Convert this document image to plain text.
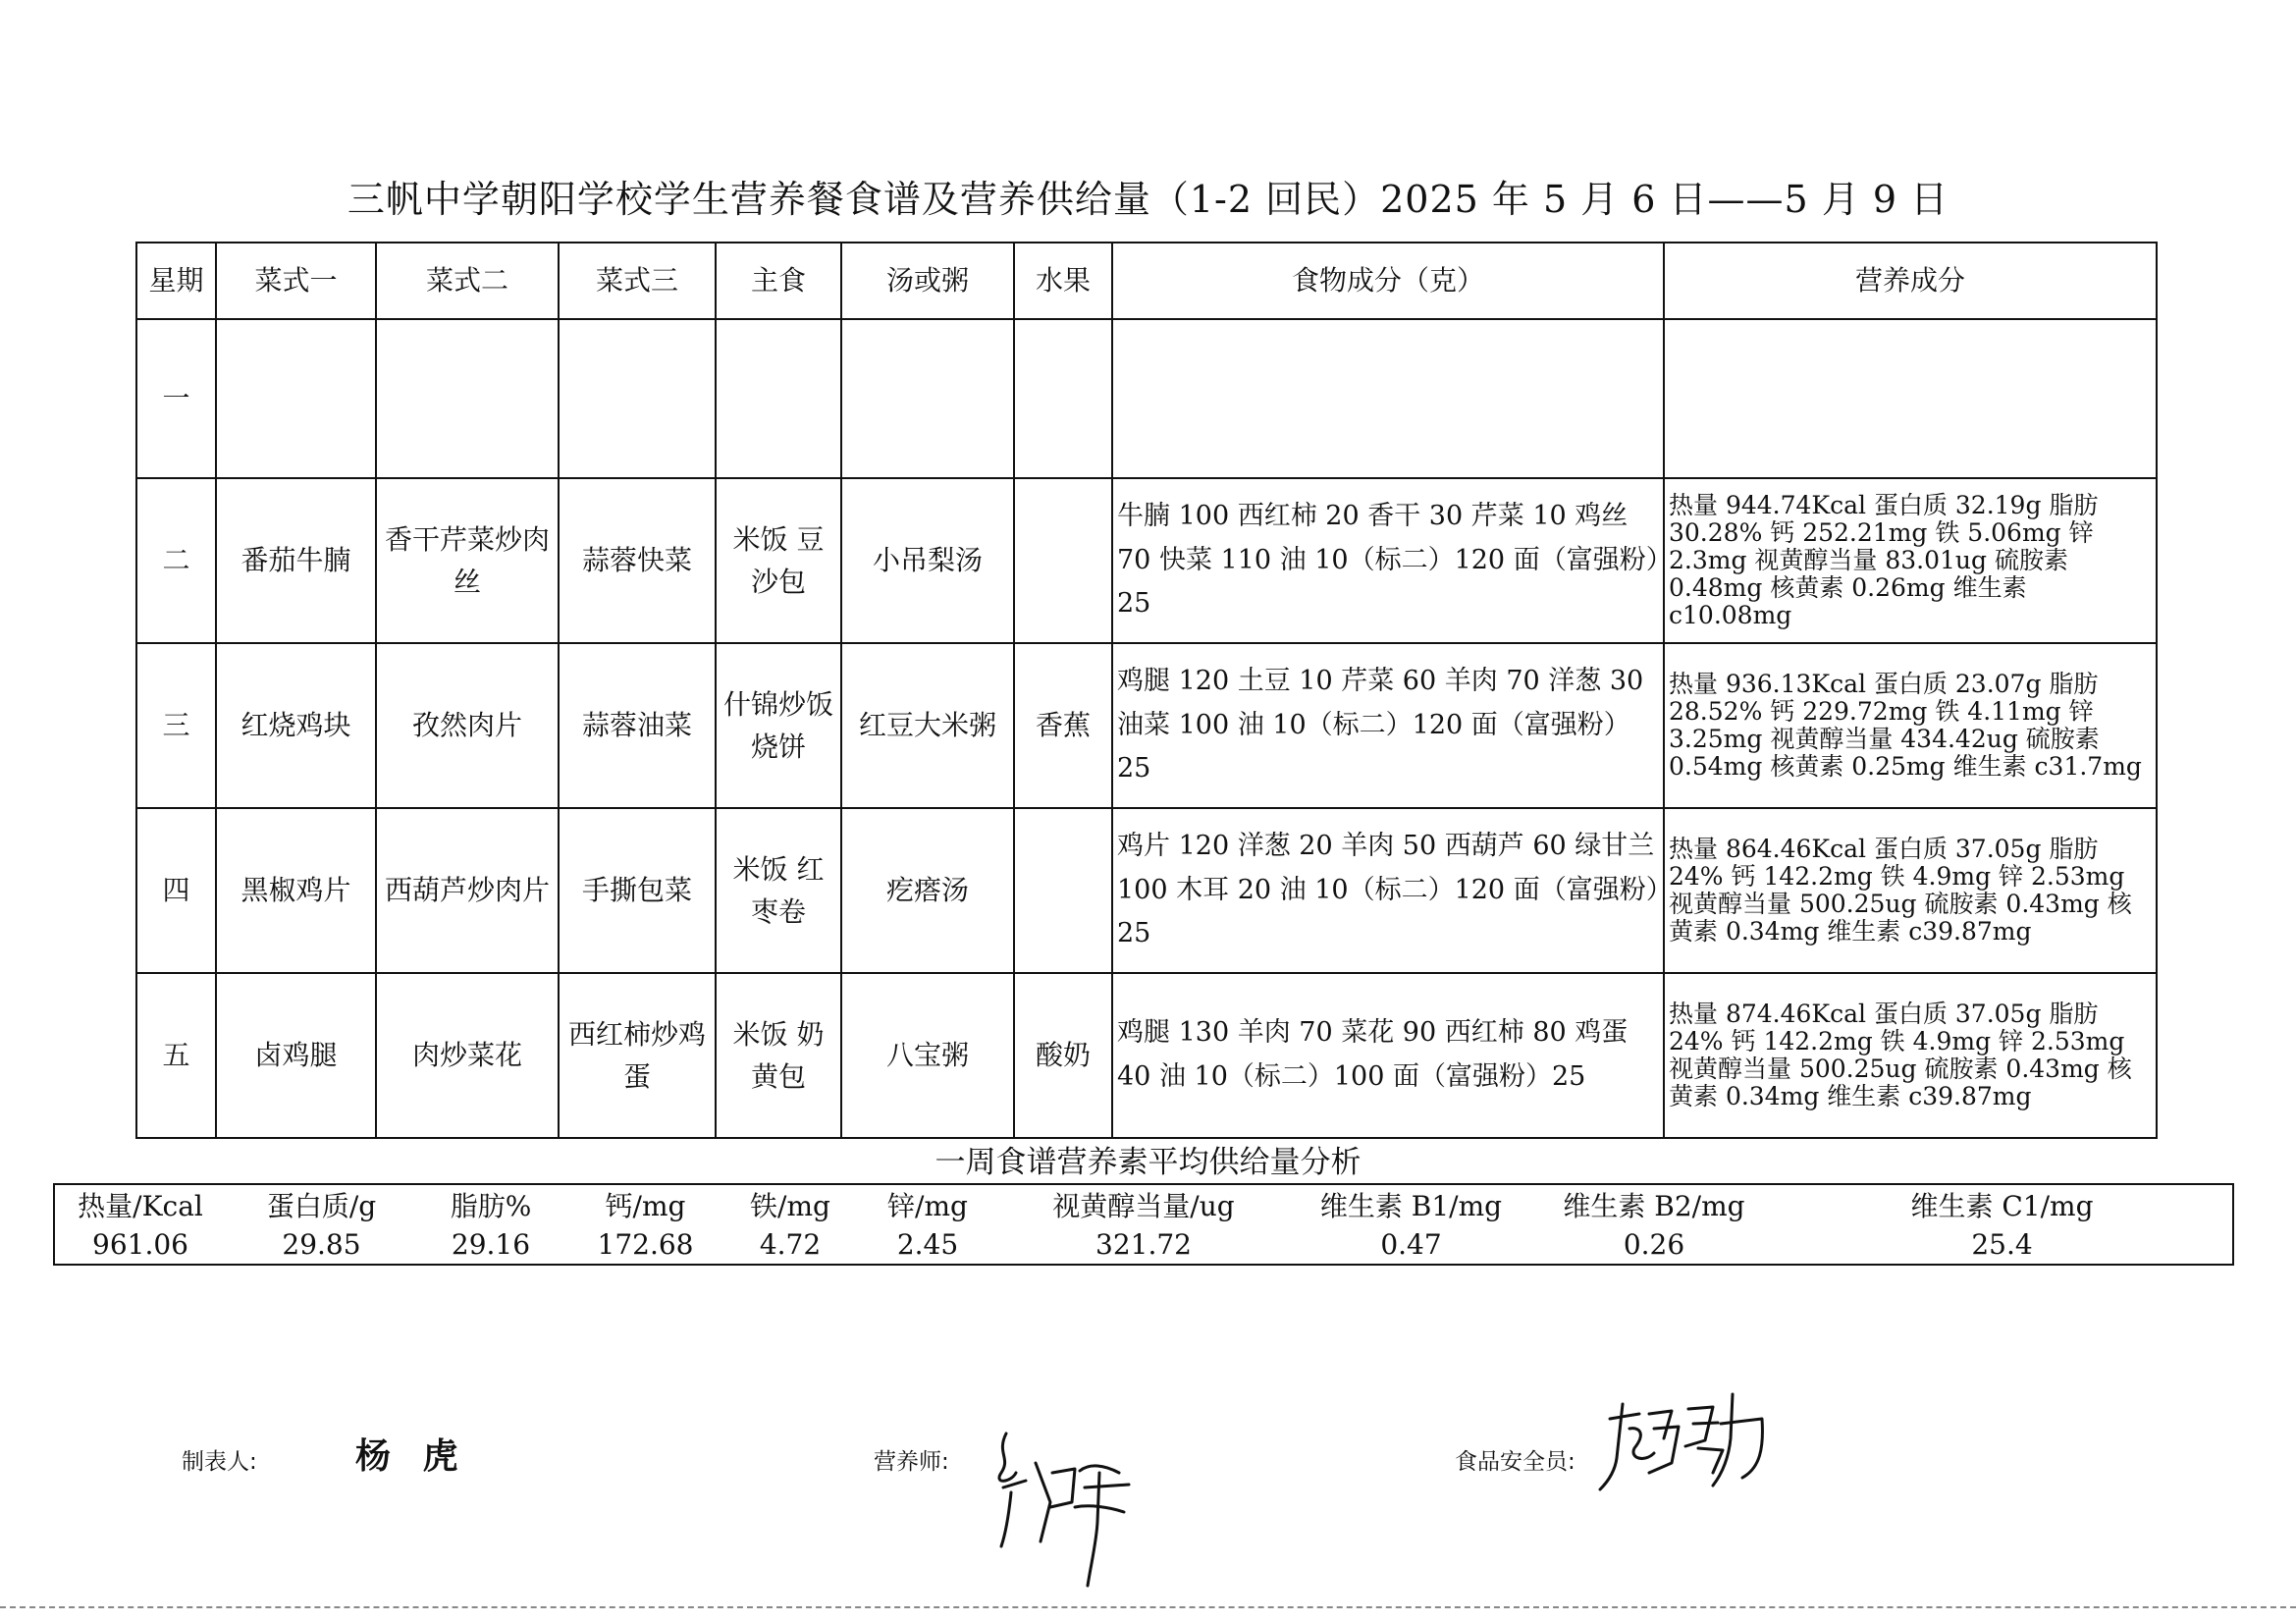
三帆中学朝阳学校学生营养餐食谱及营养供给量（1-2 回民）2025 年 5 月 6 日——5 月 9 日
星期	菜式一	菜式二	菜式三	主食	汤或粥	水果	食物成分（克）	营养成分
一								
二	番茄牛腩	香干芹菜炒肉丝	蒜蓉快菜	米饭 豆沙包	小吊梨汤		牛腩 100 西红柿 20 香干 30 芹菜 10 鸡丝 70 快菜 110 油 10（标二）120 面（富强粉）25	热量 944.74Kcal 蛋白质 32.19g 脂肪 30.28% 钙 252.21mg 铁 5.06mg 锌 2.3mg 视黄醇当量 83.01ug 硫胺素 0.48mg 核黄素 0.26mg 维生素 c10.08mg
三	红烧鸡块	孜然肉片	蒜蓉油菜	什锦炒饭 烧饼	红豆大米粥	香蕉	鸡腿 120 土豆 10 芹菜 60 羊肉 70 洋葱 30 油菜 100 油 10（标二）120 面（富强粉）25	热量 936.13Kcal 蛋白质 23.07g 脂肪 28.52% 钙 229.72mg 铁 4.11mg 锌 3.25mg 视黄醇当量 434.42ug 硫胺素 0.54mg 核黄素 0.25mg 维生素 c31.7mg
四	黑椒鸡片	西葫芦炒肉片	手撕包菜	米饭 红枣卷	疙瘩汤		鸡片 120 洋葱 20 羊肉 50 西葫芦 60 绿甘兰 100 木耳 20 油 10（标二）120 面（富强粉）25	热量 864.46Kcal 蛋白质 37.05g 脂肪 24% 钙 142.2mg 铁 4.9mg 锌 2.53mg 视黄醇当量 500.25ug 硫胺素 0.43mg 核黄素 0.34mg 维生素 c39.87mg
五	卤鸡腿	肉炒菜花	西红柿炒鸡蛋	米饭 奶黄包	八宝粥	酸奶	鸡腿 130 羊肉 70 菜花 90 西红柿 80 鸡蛋 40 油 10（标二）100 面（富强粉）25	热量 874.46Kcal 蛋白质 37.05g 脂肪 24% 钙 142.2mg 铁 4.9mg 锌 2.53mg 视黄醇当量 500.25ug 硫胺素 0.43mg 核黄素 0.34mg 维生素 c39.87mg
一周食谱营养素平均供给量分析
热量/Kcal	蛋白质/g	脂肪%	钙/mg	铁/mg	锌/mg	视黄醇当量/ug	维生素 B1/mg	维生素 B2/mg	维生素 C1/mg
961.06	29.85	29.16	172.68	4.72	2.45	321.72	0.47	0.26	25.4
制表人:	杨 虎	营养师:	食品安全员:
